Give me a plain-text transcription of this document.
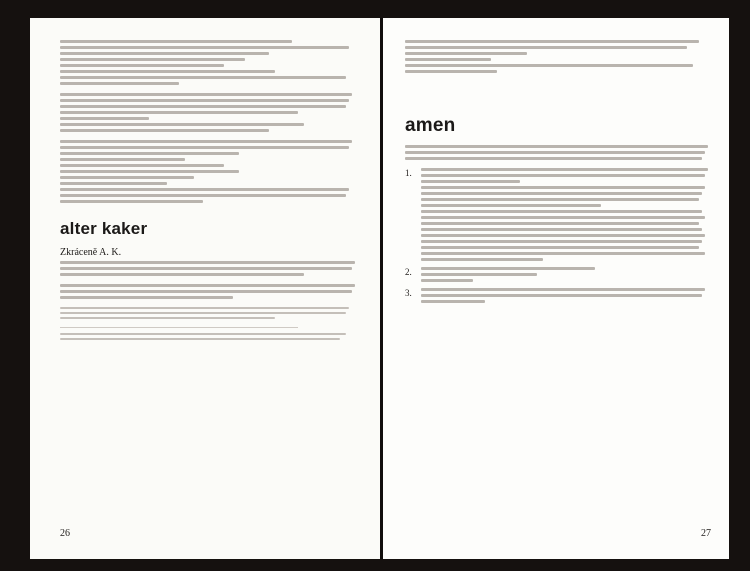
alter kaker

Zkráceně A. K.

26
amen
1.
2.
3.
27
